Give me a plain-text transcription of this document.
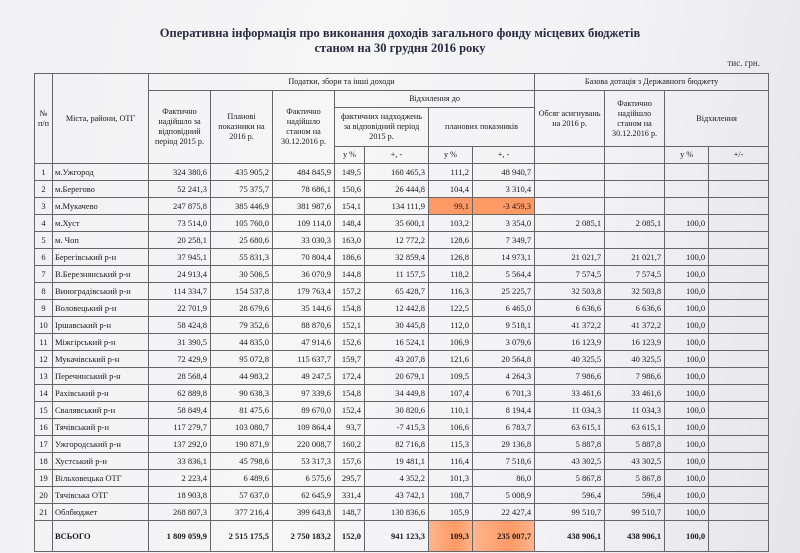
Оперативна інформація про виконання доходів загального фонду місцевих бюджетів
станом на 30 грудня 2016 року
тис. грн.
№ п/п	Міста, райони, ОТГ	Податки, збори та інші доходи							Базова дотація з Державного бюджету			
		Фактично надійшло за відповідний період 2015 р.	Планові показники на 2016 р.	Фактично надійшло станом на 30.12.2016 р.	Відхилення до				Обсяг асигнувань на 2016 р.	Фактично надійшло станом на 30.12.2016 р.	Відхилення	
					фактичних надходжень за відповідний період 2015 р.		планових показників					
					у %	+, -	у %	+, -			у %	+/-
1	м.Ужгород	324 380,6	435 905,2	484 845,9	149,5	160 465,3	111,2	48 940,7				
2	м.Берегово	52 241,3	75 375,7	78 686,1	150,6	26 444,8	104,4	3 310,4				
3	м.Мукачево	247 875,8	385 446,9	381 987,6	154,1	134 111,9	99,1	-3 459,3				
4	м.Хуст	73 514,0	105 760,0	109 114,0	148,4	35 600,1	103,2	3 354,0	2 085,1	2 085,1	100,0	
5	м. Чоп	20 258,1	25 680,6	33 030,3	163,0	12 772,2	128,6	7 349,7				
6	Берегівський р-н	37 945,1	55 831,3	70 804,4	186,6	32 859,4	126,8	14 973,1	21 021,7	21 021,7	100,0	
7	В.Березнянський р-н	24 913,4	30 506,5	36 070,9	144,8	11 157,5	118,2	5 564,4	7 574,5	7 574,5	100,0	
8	Виноградівський р-н	114 334,7	154 537,8	179 763,4	157,2	65 428,7	116,3	25 225,7	32 503,8	32 503,8	100,0	
9	Воловецький р-н	22 701,9	28 679,6	35 144,6	154,8	12 442,8	122,5	6 465,0	6 636,6	6 636,6	100,0	
10	Іршавський р-н	58 424,8	79 352,6	88 870,6	152,1	30 445,8	112,0	9 518,1	41 372,2	41 372,2	100,0	
11	Міжгірський р-н	31 390,5	44 835,0	47 914,6	152,6	16 524,1	106,9	3 079,6	16 123,9	16 123,9	100,0	
12	Мукачівський р-н	72 429,9	95 072,8	115 637,7	159,7	43 207,8	121,6	20 564,8	40 325,5	40 325,5	100,0	
13	Перечинський р-н	28 568,4	44 983,2	49 247,5	172,4	20 679,1	109,5	4 264,3	7 986,6	7 986,6	100,0	
14	Рахівський р-н	62 889,8	90 638,3	97 339,6	154,8	34 449,8	107,4	6 701,3	33 461,6	33 461,6	100,0	
15	Свалявський р-н	58 849,4	81 475,6	89 670,0	152,4	30 820,6	110,1	8 194,4	11 034,3	11 034,3	100,0	
16	Тячівський р-н	117 279,7	103 080,7	109 864,4	93,7	-7 415,3	106,6	6 783,7	63 615,1	63 615,1	100,0	
17	Ужгородський р-н	137 292,0	190 871,9	220 008,7	160,2	82 716,8	115,3	29 136,8	5 887,8	5 887,8	100,0	
18	Хустський р-н	33 836,1	45 798,6	53 317,3	157,6	19 481,1	116,4	7 518,6	43 302,5	43 302,5	100,0	
19	Вільховецька ОТГ	2 223,4	6 489,6	6 575,6	295,7	4 352,2	101,3	86,0	5 867,8	5 867,8	100,0	
20	Тячівська ОТГ	18 903,8	57 637,0	62 645,9	331,4	43 742,1	108,7	5 008,9	596,4	596,4	100,0	
21	Облбюджет	268 807,3	377 216,4	399 643,8	148,7	130 836,6	105,9	22 427,4	99 510,7	99 510,7	100,0	
	ВСЬОГО	1 809 059,9	2 515 175,5	2 750 183,2	152,0	941 123,3	109,3	235 007,7	438 906,1	438 906,1	100,0	
